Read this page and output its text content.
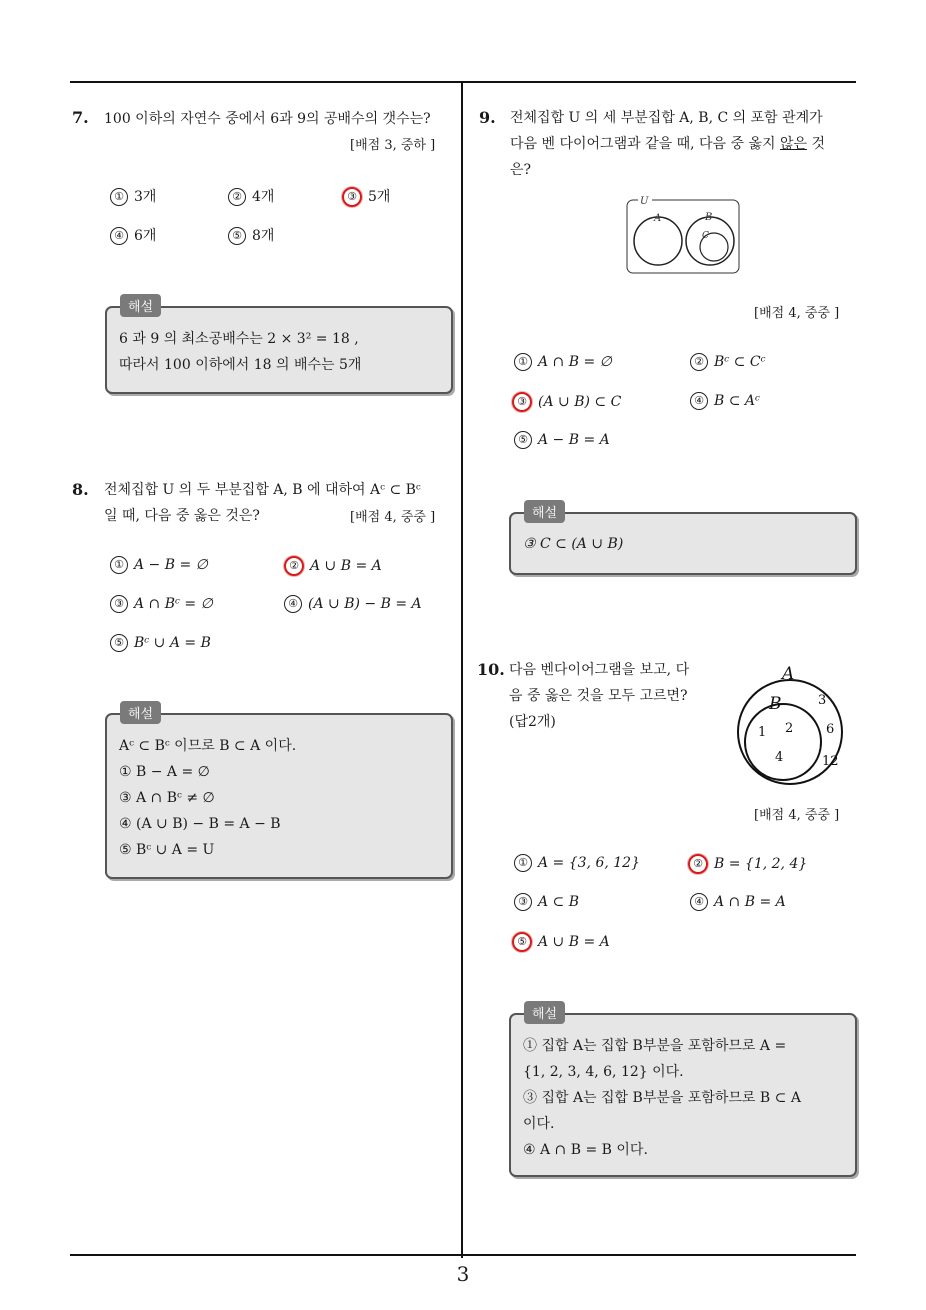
3
7. 100 이하의 자연수 중에서 6과 9의 공배수의 갯수는?
[배점 3, 중하 ]
① 3개	② 4개	③ 5개
④ 6개	⑤ 8개
6 과 9 의 최소공배수는 2 × 3² = 18 ,
따라서 100 이하에서 18 의 배수는 5개
해설
8. 전체집합 U 의 두 부분집합 A, B 에 대하여 Aᶜ ⊂ Bᶜ
일 때, 다음 중 옳은 것은?	[배점 4, 중중 ]
① A − B = ∅	② A ∪ B = A
③ A ∩ Bᶜ = ∅	④ (A ∪ B) − B = A
⑤ Bᶜ ∪ A = B
Aᶜ ⊂ Bᶜ 이므로 B ⊂ A 이다.
① B − A = ∅
③ A ∩ Bᶜ ≠ ∅
④ (A ∪ B) − B = A − B
⑤ Bᶜ ∪ A = U
해설
9. 전체집합 U 의 세 부분집합 A, B, C 의 포함 관계가
다음 벤 다이어그램과 같을 때, 다음 중 옳지 않은 것
은?
U
A	B
C
[배점 4, 중중 ]
① A ∩ B = ∅	② Bᶜ ⊂ Cᶜ
③ (A ∪ B) ⊂ C	④ B ⊂ Aᶜ
⑤ A − B = A
③ C ⊂ (A ∪ B)
해설
10. 다음 벤다이어그램을 보고, 다
음 중 옳은 것을 모두 고르면?
(답2개)
A
B
1 2
4
3
6
12
[배점 4, 중중 ]
① A = {3, 6, 12}	② B = {1, 2, 4}
③ A ⊂ B	④ A ∩ B = A
⑤ A ∪ B = A
① 집합 A는 집합 B부분을 포함하므로 A =
{1, 2, 3, 4, 6, 12} 이다.
③ 집합 A는 집합 B부분을 포함하므로 B ⊂ A
이다.
④ A ∩ B = B 이다.
해설
